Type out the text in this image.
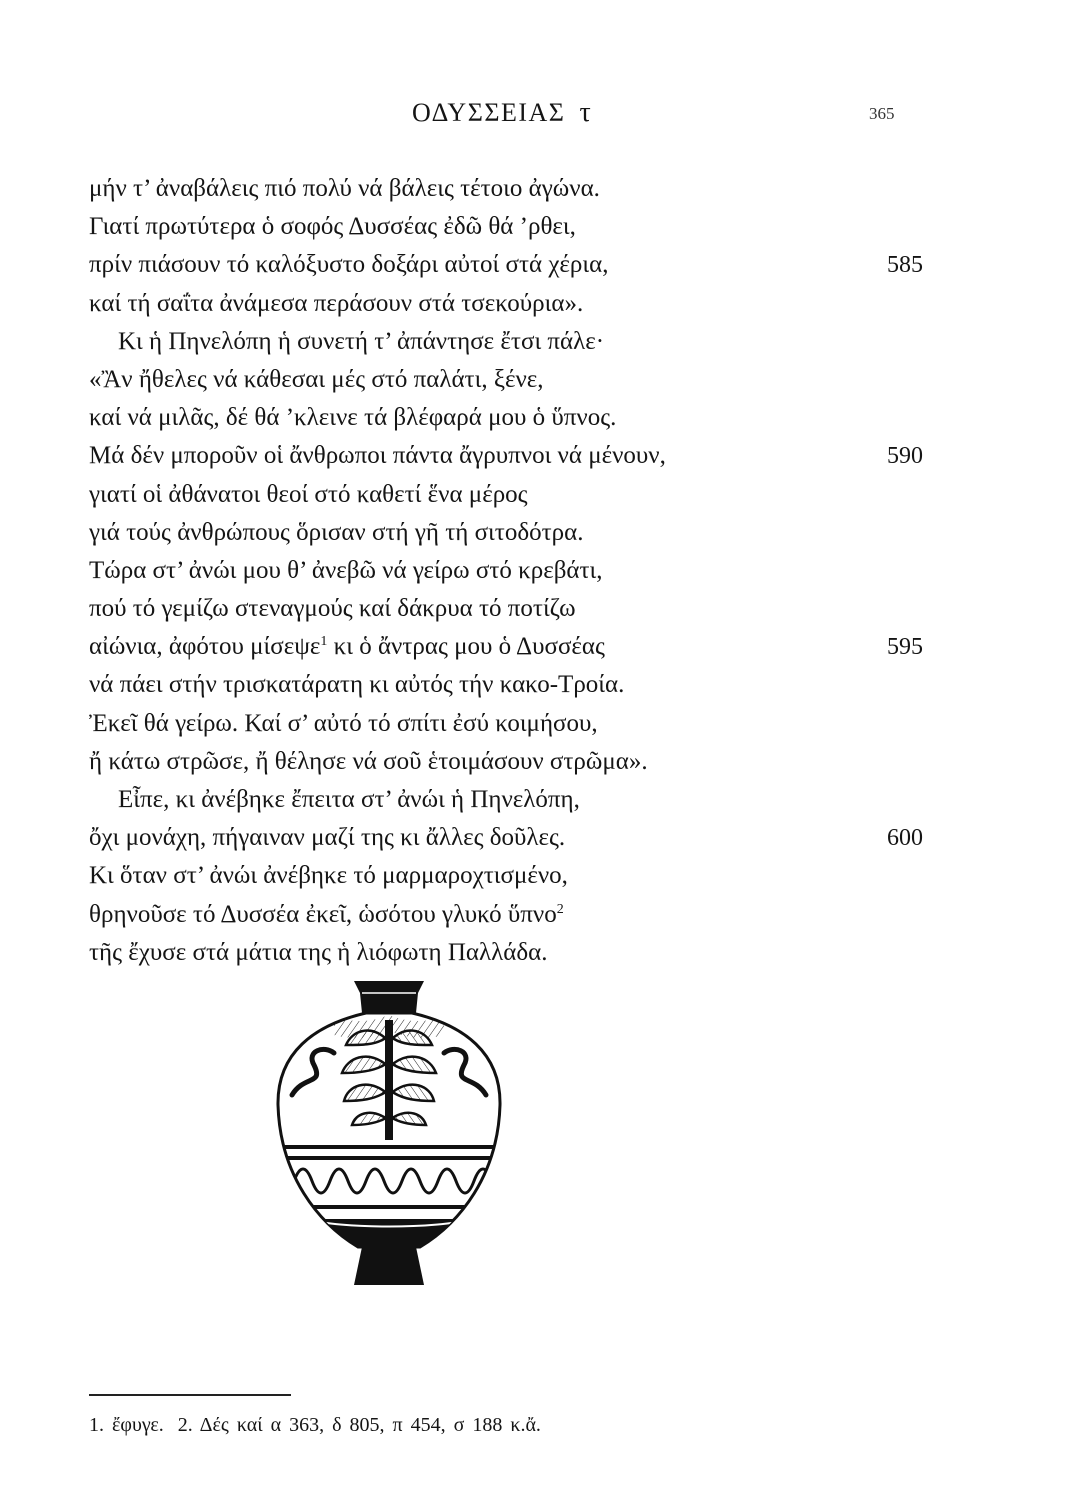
ΟΔΥΣΣΕΙΑΣ τ	365
μήν τ’ ἀναβάλεις πιό πολύ νά βάλεις τέτοιο ἀγώνα.
Γιατί πρωτύτερα ὁ σοφός Δυσσέας ἐδῶ θά ’ρθει,
πρίν πιάσουν τό καλόξυστο δοξάρι αὐτοί στά χέρια,	585
καί τή σαΐτα ἀνάμεσα περάσουν στά τσεκούρια».
Κι ἡ Πηνελόπη ἡ συνετή τ’ ἀπάντησε ἔτσι πάλε·
«Ἂν ἤθελες νά κάθεσαι μές στό παλάτι, ξένε,
καί νά μιλᾶς, δέ θά ’κλεινε τά βλέφαρά μου ὁ ὕπνος.
Μά δέν μποροῦν οἱ ἄνθρωποι πάντα ἄγρυπνοι νά μένουν,	590
γιατί οἱ ἀθάνατοι θεοί στό καθετί ἕνα μέρος
γιά τούς ἀνθρώπους ὅρισαν στή γῆ τή σιτοδότρα.
Τώρα στ’ ἀνώι μου θ’ ἀνεβῶ νά γείρω στό κρεβάτι,
πού τό γεμίζω στεναγμούς καί δάκρυα τό ποτίζω
αἰώνια, ἀφότου μίσεψε$^1$ κι ὁ ἄντρας μου ὁ Δυσσέας	595
νά πάει στήν τρισκατάρατη κι αὐτός τήν κακο-Τροία.
Ἐκεῖ θά γείρω. Καί σ’ αὐτό τό σπίτι ἐσύ κοιμήσου,
ἤ κάτω στρῶσε, ἤ θέλησε νά σοῦ ἑτοιμάσουν στρῶμα».
Εἶπε, κι ἀνέβηκε ἔπειτα στ’ ἀνώι ἡ Πηνελόπη,
ὄχι μονάχη, πήγαιναν μαζί της κι ἄλλες δοῦλες.	600
Κι ὅταν στ’ ἀνώι ἀνέβηκε τό μαρμαροχτισμένο,
θρηνοῦσε τό Δυσσέα ἐκεῖ, ὡσότου γλυκό ὕπνο$^2$
τῆς ἔχυσε στά μάτια της ἡ λιόφωτη Παλλάδα.
1. ἔφυγε. 2. Δές καί α 363, δ 805, π 454, σ 188 κ.ἄ.
